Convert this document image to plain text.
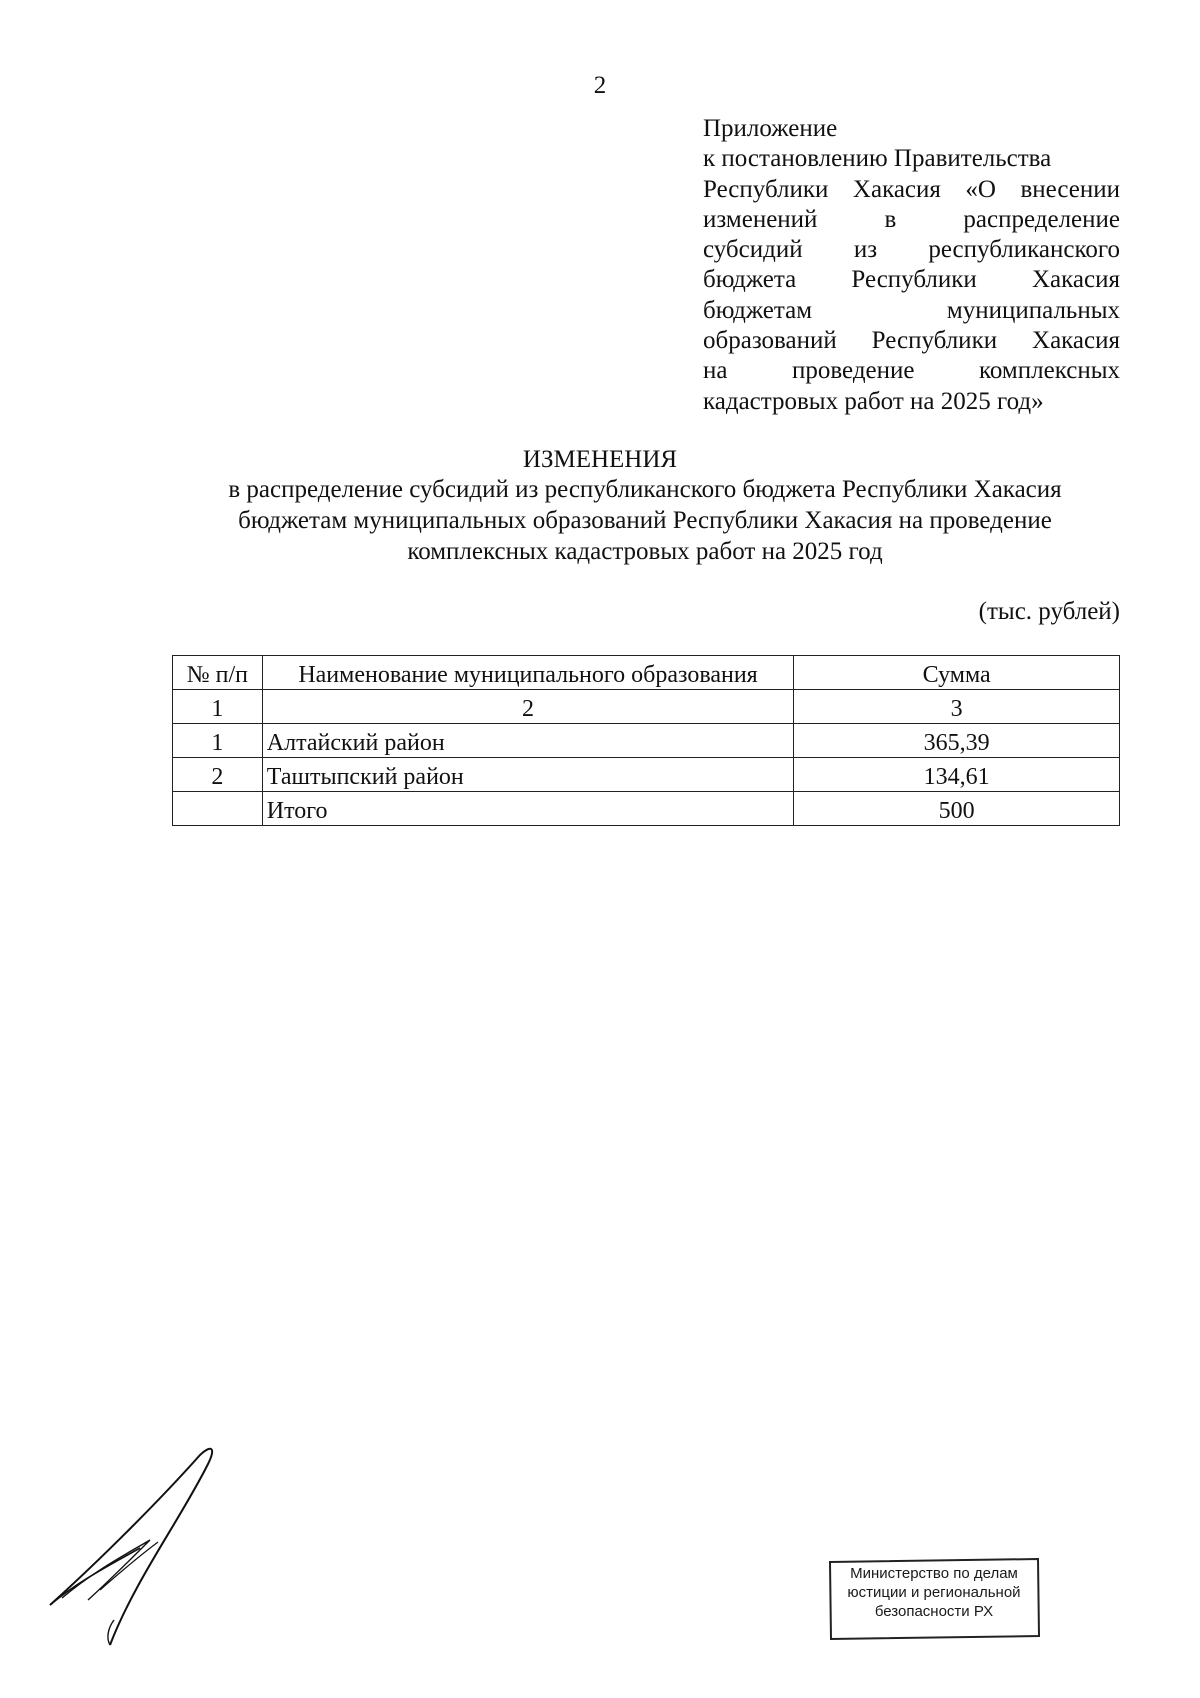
2
Приложение
к постановлению Правительства
Республики Хакасия «О внесении
изменений в распределение
субсидий из республиканского
бюджета Республики Хакасия
бюджетам муниципальных
образований Республики Хакасия
на проведение комплексных
кадастровых работ на 2025 год»
ИЗМЕНЕНИЯ
в распределение субсидий из республиканского бюджета Республики Хакасия
бюджетам муниципальных образований Республики Хакасия на проведение
комплексных кадастровых работ на 2025 год
(тыс. рублей)
№ п/п	Наименование муниципального образования	Сумма
1	2	3
1	Алтайский район	365,39
2	Таштыпский район	134,61
	Итого	500
Министерство по делам
юстиции и региональной
безопасности РХ
